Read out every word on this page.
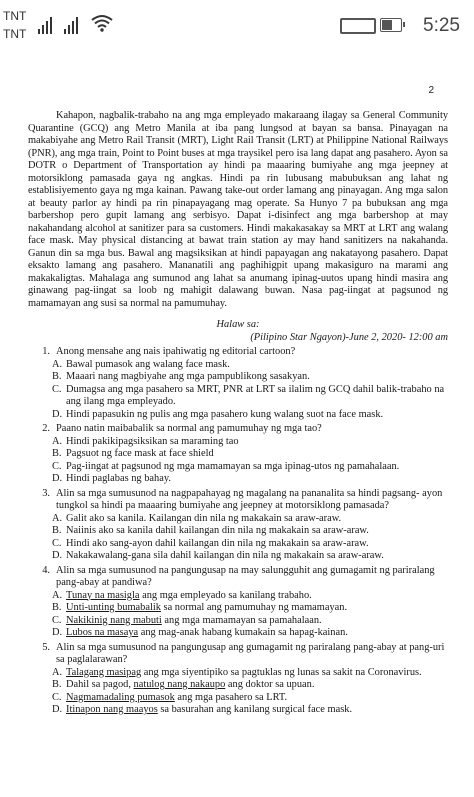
TNT
TNT	5:25
2

Kahapon, nagbalik-trabaho na ang mga empleyado makaraang ilagay sa General Community Quarantine (GCQ) ang Metro Manila at iba pang lungsod at bayan sa bansa. Pinayagan na makabiyahe ang Metro Rail Transit (MRT), Light Rail Transit (LRT) at Philippine National Railways (PNR), ang mga train, Point to Point buses at mga traysikel pero isa lang dapat ang pasahero. Ayon sa DOTR o Department of Transportation ay hindi pa maaaring bumiyahe ang mga jeepney at motorsiklong pamasada gaya ng angkas. Hindi pa rin lubusang mabubuksan ang lahat ng establisiyemento gaya ng mga kainan. Pawang take-out order lamang ang pinayagan. Ang mga salon at beauty parlor ay hindi pa rin pinapayagang mag operate. Sa Hunyo 7 pa bubuksan ang mga barbershop pero gupit lamang ang serbisyo. Dapat i-disinfect ang mga barbershop at may nakahandang alcohol at sanitizer para sa customers. Hindi makakasakay sa MRT at LRT ang walang face mask. May physical distancing at bawat train station ay may hand sanitizers na nakahanda. Ganun din sa mga bus. Bawal ang magsiksikan at hindi papayagan ang nakatayong pasahero. Dapat eksakto lamang ang pasahero. Mananatili ang paghihigpit upang makasiguro na marami ang makakaligtas. Mahalaga ang sumunod ang lahat sa anumang ipinag-uutos upang hindi masira ang ginawang pag-iingat sa loob ng mahigit dalawang buwan. Nasa pag-iingat at pagsunod ng mamamayan ang susi sa normal na pamumuhay.

Halaw sa:
(Pilipino Star Ngayon)-June 2, 2020- 12:00 am
1. Anong mensahe ang nais ipahiwatig ng editorial cartoon?
A. Bawal pumasok ang walang face mask.
B. Maaari nang magbiyahe ang mga pampublikong sasakyan.
C. Dumagsa ang mga pasahero sa MRT, PNR at LRT sa ilalim ng GCQ dahil balik-trabaho na ang ilang mga empleyado.
D. Hindi papasukin ng pulis ang mga pasahero kung walang suot na face mask.
2. Paano natin maibabalik sa normal ang pamumuhay ng mga tao?
A. Hindi pakikipagsiksikan sa maraming tao
B. Pagsuot ng face mask at face shield
C. Pag-iingat at pagsunod ng mga mamamayan sa mga ipinag-utos ng pamahalaan.
D. Hindi paglabas ng bahay.
3. Alin sa mga sumusunod na nagpapahayag ng magalang na pananalita sa hindi pagsang- ayon tungkol sa hindi pa maaaring bumiyahe ang jeepney at motorsiklong pamasada?
A. Galit ako sa kanila. Kailangan din nila ng makakain sa araw-araw.
B. Naiinis ako sa kanila dahil kailangan din nila ng makakain sa araw-araw.
C. Hindi ako sang-ayon dahil kailangan din nila ng makakain sa araw-araw.
D. Nakakawalang-gana sila dahil kailangan din nila ng makakain sa araw-araw.
4. Alin sa mga sumusunod na pangungusap na may salungguhit ang gumagamit ng pariralang pang-abay at pandiwa?
A. Tunay na masigla ang mga empleyado sa kanilang trabaho.
B. Unti-unting bumabalik sa normal ang pamumuhay ng mamamayan.
C. Nakikinig nang mabuti ang mga mamamayan sa pamahalaan.
D. Lubos na masaya ang mag-anak habang kumakain sa hapag-kainan.
5. Alin sa mga sumusunod na pangungusap ang gumagamit ng pariralang pang-abay at pang-uri sa paglalarawan?
A. Talagang masipag ang mga siyentipiko sa pagtuklas ng lunas sa sakit na Coronavirus.
B. Dahil sa pagod, natulog nang nakaupo ang doktor sa upuan.
C. Nagmamadaling pumasok ang mga pasahero sa LRT.
D. Itinapon nang maayos sa basurahan ang kanilang surgical face mask.
